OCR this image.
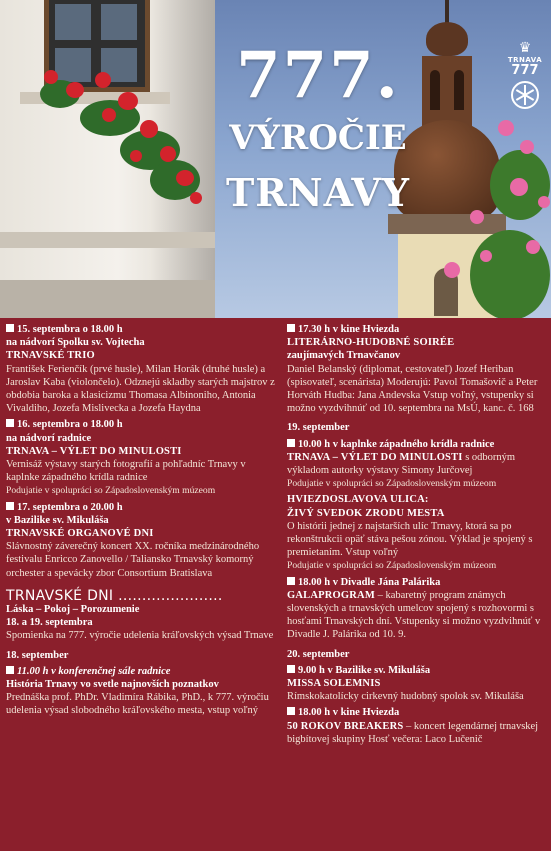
777.
VÝROČIE
TRNAVY
♛
TRNAVA
777
15. septembra o 18.00 h
na nádvorí Spolku sv. Vojtecha
TRNAVSKÉ TRIO
František Ferienčík (prvé husle), Milan Horák (druhé husle) a Jaroslav Kaba (violončelo). Odznejú skladby starých majstrov z obdobia baroka a klasicizmu Thomasa Albinoniho, Antonia Vivaldiho, Jozefa Mislivecka a Jozefa Haydna
16. septembra o 18.00 h
na nádvorí radnice
TRNAVA – VÝLET DO MINULOSTI
Vernisáž výstavy starých fotografií a pohľadníc Trnavy v kaplnke západného krídla radnice
Podujatie v spolupráci so Západoslovenským múzeom
17. septembra o 20.00 h
v Bazilike sv. Mikuláša
TRNAVSKÉ ORGANOVÉ DNI
Slávnostný záverečný koncert XX. ročníka medzinárodného festivalu Enricco Zanovello / Taliansko Trnavský komorný orchester a spevácky zbor Consortium Bratislava
TRNAVSKÉ DNI ......................
Láska – Pokoj – Porozumenie
18. a 19. septembra
Spomienka na 777. výročie udelenia kráľovských výsad Trnave
18. september
11.00 h v konferenčnej sále radnice
História Trnavy vo svetle najnovších poznatkov
Prednáška prof. PhDr. Vladimíra Rábika, PhD., k 777. výročiu udelenia výsad slobodného kráľovského mesta, vstup voľný
17.30 h v kine Hviezda
LITERÁRNO-HUDOBNÉ SOIRÉE
zaujímavých Trnavčanov
Daniel Belanský (diplomat, cestovateľ) Jozef Heriban (spisovateľ, scenárista) Moderujú: Pavol Tomašovič a Peter Horváth Hudba: Jana Andevska Vstup voľný, vstupenky si možno vyzdvihnúť od 10. septembra na MsÚ, kanc. č. 168
19. september
10.00 h v kaplnke západného krídla radnice
TRNAVA – VÝLET DO MINULOSTI s odborným výkladom autorky výstavy Simony Jurčovej
Podujatie v spolupráci so Západoslovenským múzeom
HVIEZDOSLAVOVA ULICA:
ŽIVÝ SVEDOK ZRODU MESTA
O histórii jednej z najstarších ulíc Trnavy, ktorá sa po rekonštrukcii opäť stáva pešou zónou. Výklad je spojený s premietaním. Vstup voľný
Podujatie v spolupráci so Západoslovenským múzeom
18.00 h v Divadle Jána Palárika
GALAPROGRAM – kabaretný program známych slovenských a trnavských umelcov spojený s rozhovormi s hosťami Trnavských dní. Vstupenky si možno vyzdvihnúť v Divadle J. Palárika od 10. 9.
20. september
9.00 h v Bazilike sv. Mikuláša
MISSA SOLEMNIS
Rímskokatolícky cirkevný hudobný spolok sv. Mikuláša
18.00 h v kine Hviezda
50 ROKOV BREAKERS – koncert legendárnej trnavskej bigbítovej skupiny Hosť večera: Laco Lučenič
